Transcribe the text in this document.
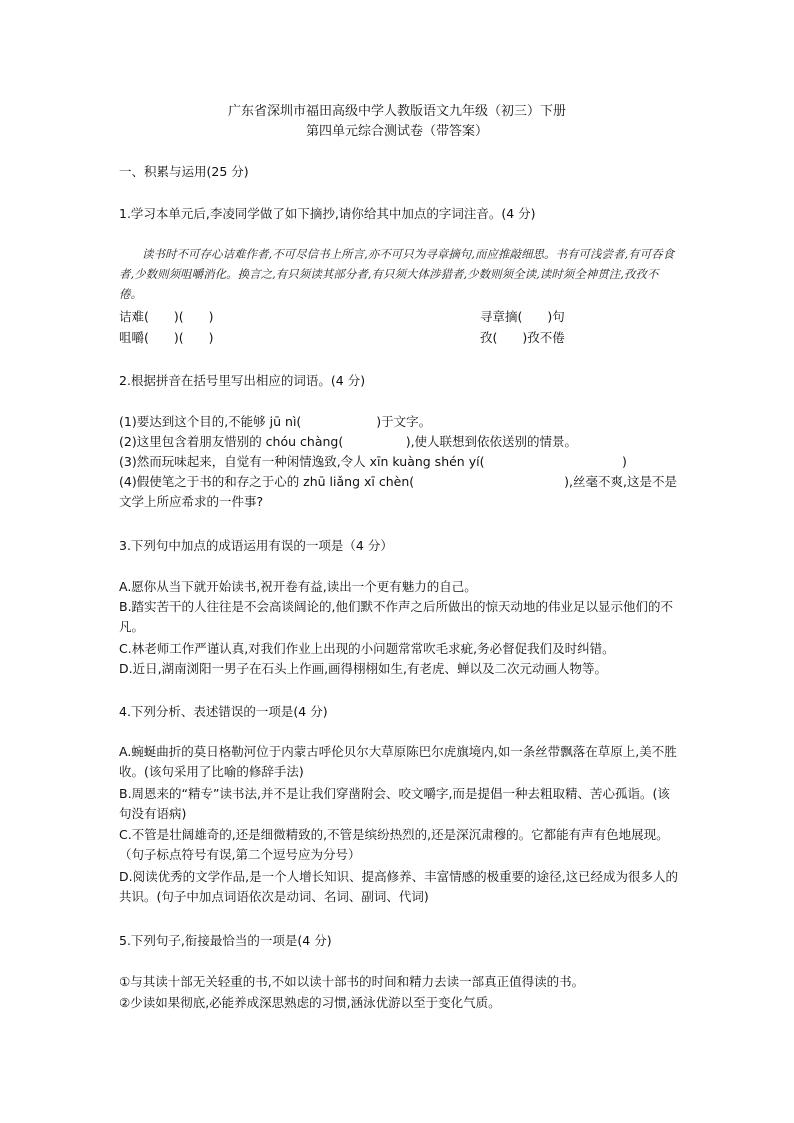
广东省深圳市福田高级中学人教版语文九年级（初三）下册
第四单元综合测试卷（带答案）
一、积累与运用(25 分)
1.学习本单元后,李凌同学做了如下摘抄,请你给其中加点的字词注音。(4 分)
读书时不可存心诘难作者,不可尽信书上所言,亦不可只为寻章摘句,而应推敲细思。书有可浅尝者,有可吞食者,少数则须咀嚼消化。换言之,有只须读其部分者,有只须大体涉猎者,少数则须全读,读时须全神贯注,孜孜不倦。
诘难(　　)(　　)	寻章摘(　　)句
咀嚼(　　)(　　)	孜(　　)孜不倦
2.根据拼音在括号里写出相应的词语。(4 分)
(1)要达到这个目的,不能够 jū nì(　　　　　　)于文字。
(2)这里包含着朋友惜别的 chóu chàng(　　　　　),使人联想到依依送别的情景。
(3)然而玩味起来，自觉有一种闲情逸致,令人 xīn kuàng shén yí(　　　　　　　　　　　)
(4)假使笔之于书的和存之于心的 zhū liǎng xī chèn(　　　　　　　　　　　　),丝毫不爽,这是不是文学上所应希求的一件事?
3.下列句中加点的成语运用有误的一项是（4 分）
A.愿你从当下就开始读书,祝开卷有益,读出一个更有魅力的自己。
B.踏实苦干的人往往是不会高谈阔论的,他们默不作声之后所做出的惊天动地的伟业足以显示他们的不凡。
C.林老师工作严谨认真,对我们作业上出现的小问题常常吹毛求疵,务必督促我们及时纠错。
D.近日,湖南浏阳一男子在石头上作画,画得栩栩如生,有老虎、蝉以及二次元动画人物等。
4.下列分析、表述错误的一项是(4 分)
A.蜿蜒曲折的莫日格勒河位于内蒙古呼伦贝尔大草原陈巴尔虎旗境内,如一条丝带飘落在草原上,美不胜收。(该句采用了比喻的修辞手法)
B.周恩来的“精专”读书法,并不是让我们穿凿附会、咬文嚼字,而是提倡一种去粗取精、苦心孤诣。(该句没有语病)
C.不管是壮阔雄奇的,还是细微精致的,不管是缤纷热烈的,还是深沉肃穆的。它都能有声有色地展现。（句子标点符号有误,第二个逗号应为分号）
D.阅读优秀的文学作品,是一个人增长知识、提高修养、丰富情感的极重要的途径,这已经成为很多人的共识。(句子中加点词语依次是动词、名词、副词、代词)
5.下列句子,衔接最恰当的一项是(4 分)
①与其读十部无关轻重的书,不如以读十部书的时间和精力去读一部真正值得读的书。
②少读如果彻底,必能养成深思熟虑的习惯,涵泳优游以至于变化气质。
